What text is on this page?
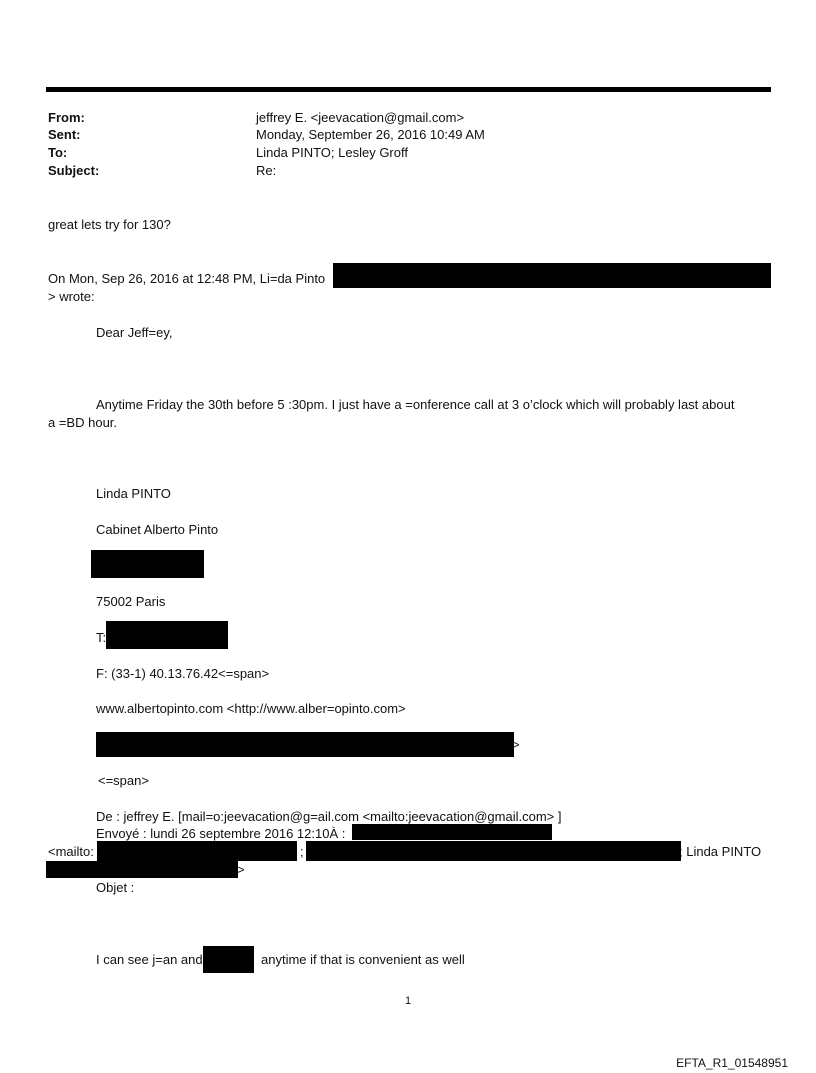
From:	jeffrey E. <jeevacation@gmail.com>
Sent:	Monday, September 26, 2016 10:49 AM
To:	Linda PINTO; Lesley Groff
Subject:	Re:
great lets try for 130?
On Mon, Sep 26, 2016 at 12:48 PM, Li=da Pinto
> wrote:
Dear Jeff=ey,
Anytime Friday the 30th before 5 :30pm. I just have a =onference call at 3 o’clock which will probably last about
a =BD hour.
Linda PINTO
Cabinet Alberto Pinto
75002 Paris
T:
F: (33-1) 40.13.76.42<=span>
www.albertopinto.com <http://www.alber=opinto.com>
>
<=span>
De : jeffrey E. [mail=o:jeevacation@g=ail.com <mailto:jeevacation@gmail.com> ]
Envoyé : lundi 26 septembre 2016 12:10À :
<mailto:	;	; Linda PINTO
>
Objet :
I can see j=an and	anytime if that is convenient as well
1
EFTA_R1_01548951
